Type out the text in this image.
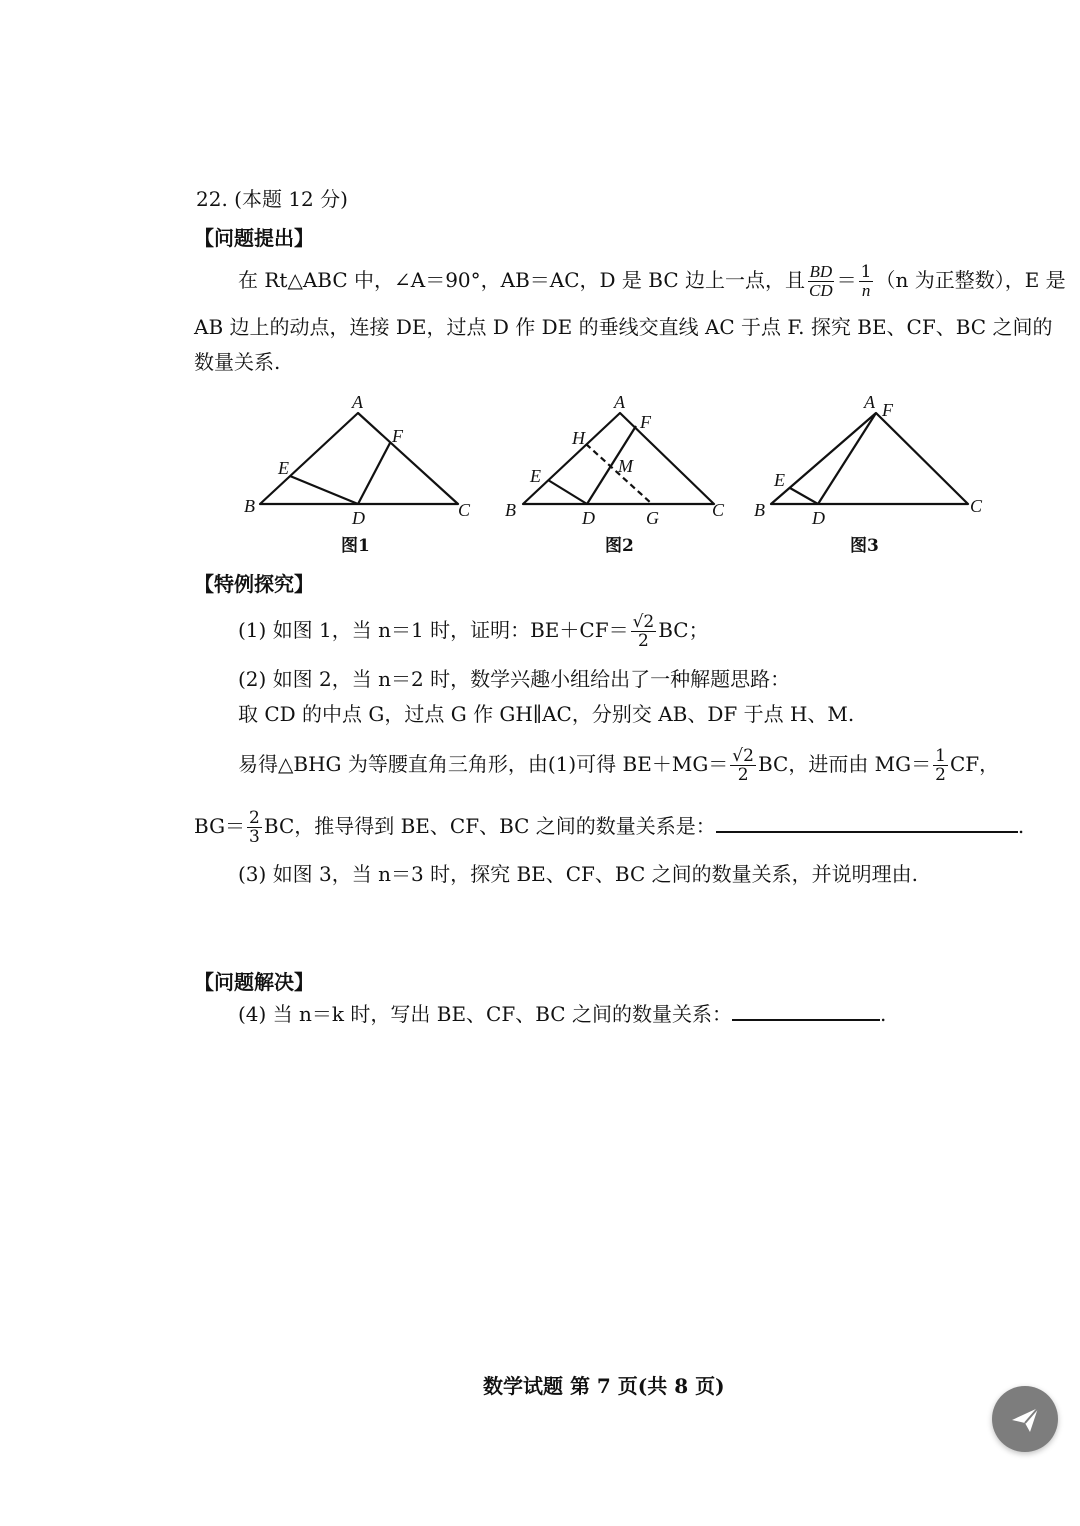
22. (本题 12 分)
【问题提出】
在 Rt△ABC 中，∠A＝90°，AB＝AC，D 是 BC 边上一点，且 $\frac{BD}{CD} = \frac{1}{n} (n$ 为正整数），E 是
AB 边上的动点，连接 DE，过点 D 作 DE 的垂线交直线 AC 于点 F. 探究 BE、CF、BC 之间的
数量关系.
A
F
E
B
D	C
图1
A
F
H
M
E
B	D	G	C
图2
A F
E
B	D
C
图3
【特例探究】
(1) 如图 1，当 n＝1 时，证明：$BE+CF= \frac{√2}{2}$ BC；
(2) 如图 2，当 n＝2 时，数学兴趣小组给出了一种解题思路：
取 CD 的中点 G，过点 G 作 GH∥AC，分别交 AB、DF 于点 H、M.
易得△BHG 为等腰直角三角形，由(1)可得 $BE+MG= \frac{√2}{2}$ BC，进而由 $MG= \frac{1}{2}$ CF，
$BG= \frac{2}{3}$ BC，推导得到 BE、CF、BC 之间的数量关系是：	.
(3) 如图 3，当 n＝3 时，探究 BE、CF、BC 之间的数量关系，并说明理由.
【问题解决】
(4) 当 n＝k 时，写出 BE、CF、BC 之间的数量关系：	.
数学试题 第 7 页(共 8 页)
